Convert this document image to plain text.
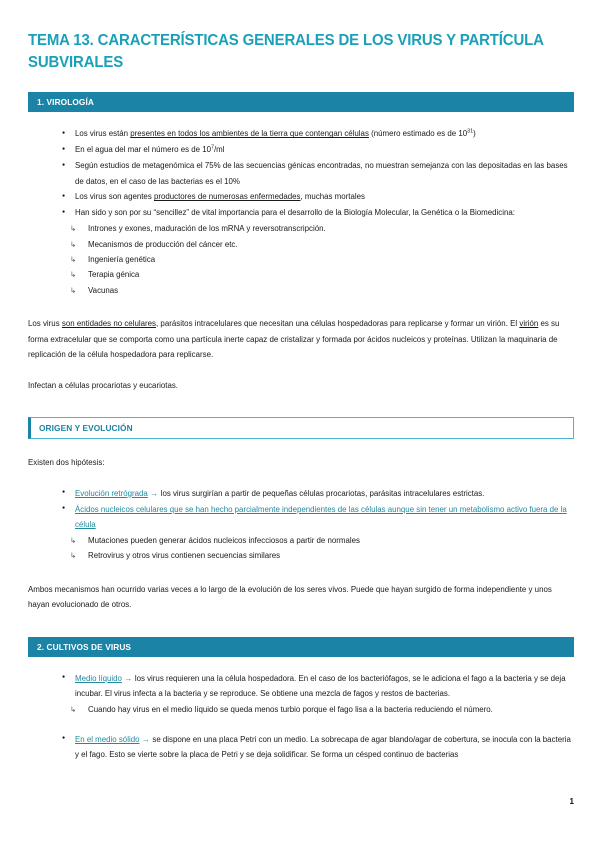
TEMA 13. CARACTERÍSTICAS GENERALES DE LOS VIRUS Y PARTÍCULA SUBVIRALES
1. VIROLOGÍA
● Los virus están presentes en todos los ambientes de la tierra que contengan células (número estimado es de $10^{31}$)
● En el agua del mar el número es de $10^7/ml$
● Según estudios de metagenómica el 75% de las secuencias génicas encontradas, no muestran semejanza con las depositadas en las bases de datos, en el caso de las bacterias es el 10%
● Los virus son agentes productores de numerosas enfermedades, muchas mortales
● Han sido y son por su “sencillez” de vital importancia para el desarrollo de la Biología Molecular, la Genética o la Biomedicina:
↳ Intrones y exones, maduración de los mRNA y reversotranscripción.
↳ Mecanismos de producción del cáncer etc.
↳ Ingeniería genética
↳ Terapia génica
↳ Vacunas

Los virus son entidades no celulares, parásitos intracelulares que necesitan una células hospedadoras para replicarse y formar un virión. El virión es su forma extracelular que se comporta como una partícula inerte capaz de cristalizar y formada por ácidos nucleicos y proteínas. Utilizan la maquinaria de replicación de la célula hospedadora para replicarse.

Infectan a células procariotas y eucariotas.

ORIGEN Y EVOLUCIÓN

Existen dos hipótesis:

● Evolución retrógrada → los virus surgirían a partir de pequeñas células procariotas, parásitas intracelulares estrictas.
● Ácidos nucleicos celulares que se han hecho parcialmente independientes de las células aunque sin tener un metabolismo activo fuera de la célula
↳ Mutaciones pueden generar ácidos nucleicos infecciosos a partir de normales
↳ Retrovirus y otros virus contienen secuencias similares

Ambos mecanismos han ocurrido varias veces a lo largo de la evolución de los seres vivos. Puede que hayan surgido de forma independiente y unos hayan evolucionado de otros.

2. CULTIVOS DE VIRUS
● Medio líquido → los virus requieren una la célula hospedadora. En el caso de los bacteriófagos, se le adiciona el fago a la bacteria y se deja incubar. El virus infecta a la bacteria y se reproduce. Se obtiene una mezcla de fagos y restos de bacterias.
↳ Cuando hay virus en el medio líquido se queda menos turbio porque el fago lisa a la bacteria reduciendo el número.
● En el medio sólido → se dispone en una placa Petri con un medio. La sobrecapa de agar blando/agar de cobertura, se inocula con la bacteria y el fago. Esto se vierte sobre la placa de Petri y se deja solidificar. Se forma un césped continuo de bacterias
1
